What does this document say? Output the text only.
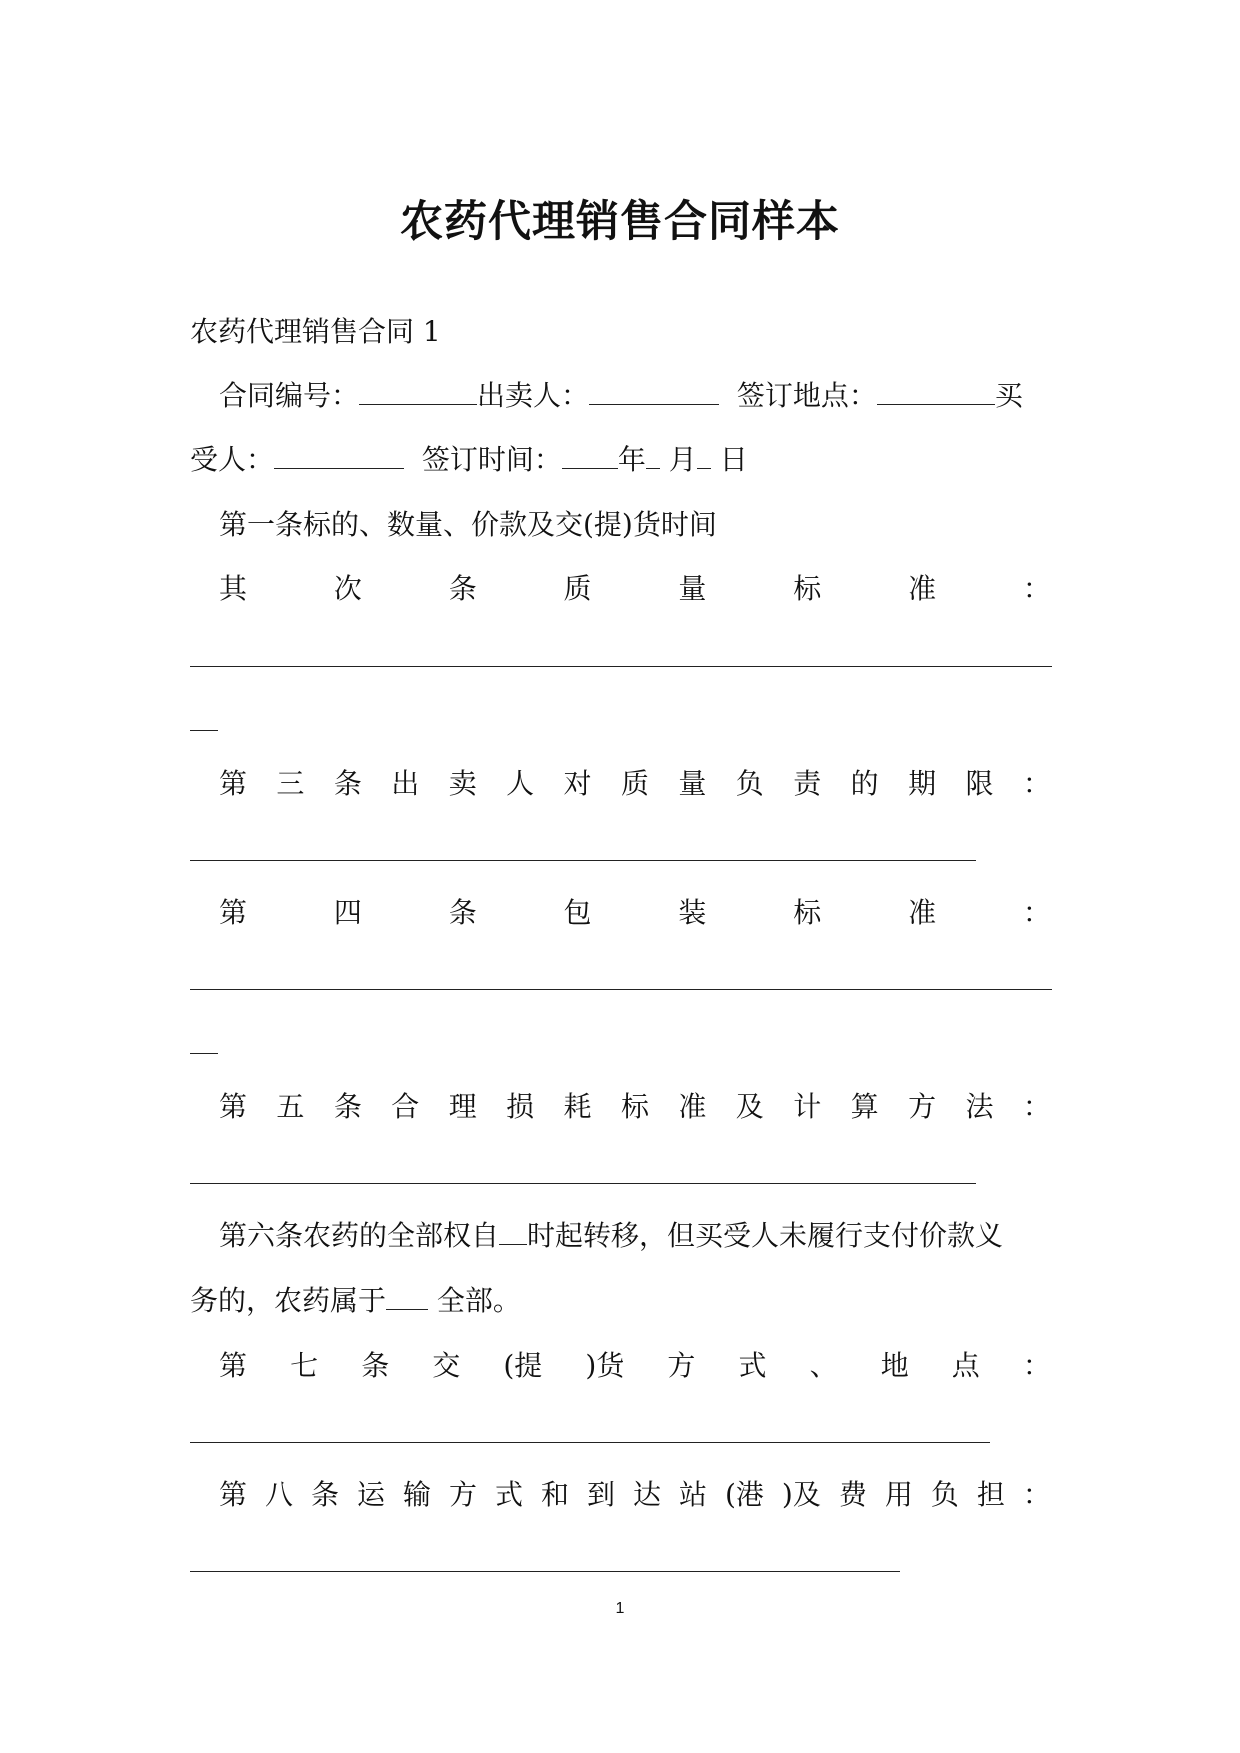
农药代理销售合同样本
农药代理销售合同 1
合同编号：	出卖人：	签订地点：	买
受人：	签订时间： 年 月 日
第一条标的、数量、价款及交(提)货时间
其	次	条	质	量	标	准	：
第 三 条 出 卖 人 对 质 量 负 责 的 期 限 ：
第	四	条	包	装	标	准	：
第 五 条 合 理 损 耗 标 准 及 计 算 方 法 ：
第六条农药的全部权自 时起转移，但买受人未履行支付价款义
务的，农药属于 全部。
第 七 条 交 (提 )货 方 式 、 地 点 ：
第 八 条 运 输 方 式 和 到 达 站 (港 )及 费 用 负 担 ：
1
